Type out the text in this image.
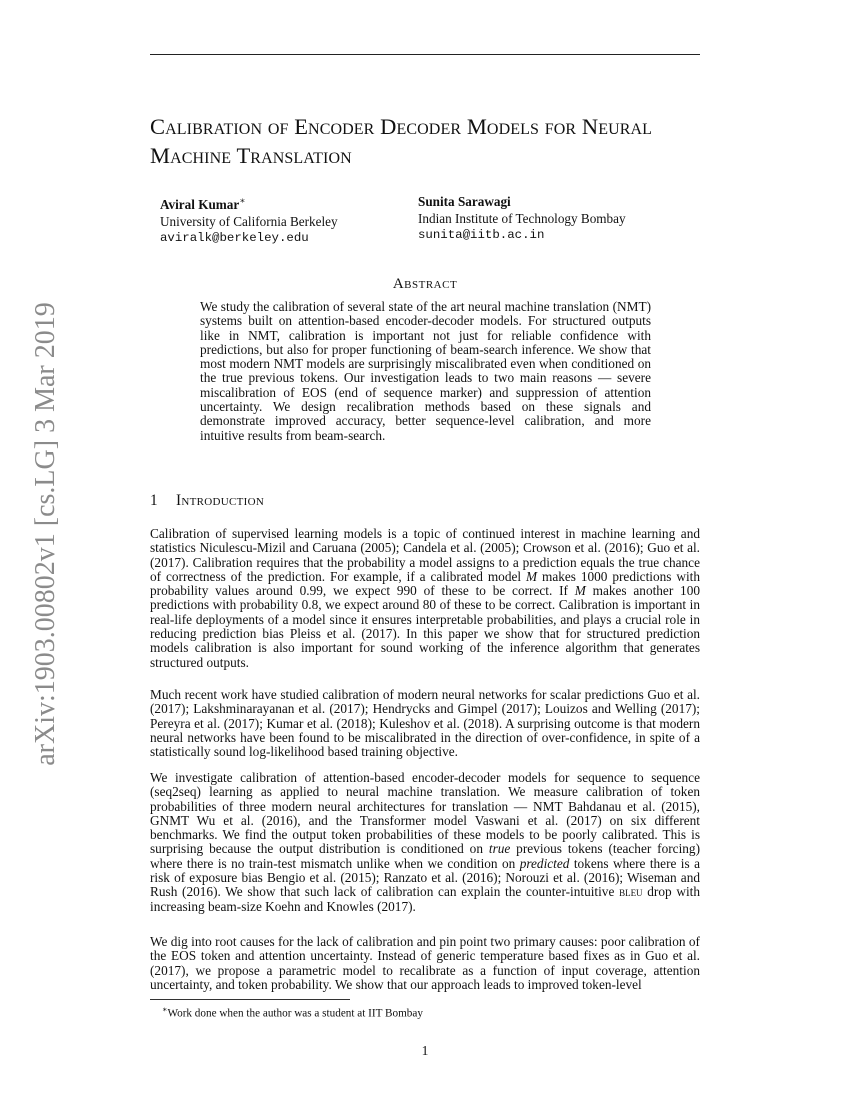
arXiv:1903.00802v1 [cs.LG] 3 Mar 2019
Calibration of Encoder Decoder Models for Neural Machine Translation
Aviral Kumar∗
University of California Berkeley
aviralk@berkeley.edu
Sunita Sarawagi
Indian Institute of Technology Bombay
sunita@iitb.ac.in
Abstract
We study the calibration of several state of the art neural machine translation (NMT) systems built on attention-based encoder-decoder models. For structured outputs like in NMT, calibration is important not just for reliable confidence with predictions, but also for proper functioning of beam-search inference. We show that most modern NMT models are surprisingly miscalibrated even when conditioned on the true previous tokens. Our investigation leads to two main reasons — severe miscalibration of EOS (end of sequence marker) and suppression of attention uncertainty. We design recalibration methods based on these signals and demonstrate improved accuracy, better sequence-level calibration, and more intuitive results from beam-search.
1 Introduction

Calibration of supervised learning models is a topic of continued interest in machine learning and statistics Niculescu-Mizil and Caruana (2005); Candela et al. (2005); Crowson et al. (2016); Guo et al. (2017). Calibration requires that the probability a model assigns to a prediction equals the true chance of correctness of the prediction. For example, if a calibrated model M makes 1000 predictions with probability values around 0.99, we expect 990 of these to be correct. If M makes another 100 predictions with probability 0.8, we expect around 80 of these to be correct. Calibration is important in real-life deployments of a model since it ensures interpretable probabilities, and plays a crucial role in reducing prediction bias Pleiss et al. (2017). In this paper we show that for structured prediction models calibration is also important for sound working of the inference algorithm that generates structured outputs.

Much recent work have studied calibration of modern neural networks for scalar predictions Guo et al. (2017); Lakshminarayanan et al. (2017); Hendrycks and Gimpel (2017); Louizos and Welling (2017); Pereyra et al. (2017); Kumar et al. (2018); Kuleshov et al. (2018). A surprising outcome is that modern neural networks have been found to be miscalibrated in the direction of over-confidence, in spite of a statistically sound log-likelihood based training objective.

We investigate calibration of attention-based encoder-decoder models for sequence to sequence (seq2seq) learning as applied to neural machine translation. We measure calibration of token probabilities of three modern neural architectures for translation — NMT Bahdanau et al. (2015), GNMT Wu et al. (2016), and the Transformer model Vaswani et al. (2017) on six different benchmarks. We find the output token probabilities of these models to be poorly calibrated. This is surprising because the output distribution is conditioned on true previous tokens (teacher forcing) where there is no train-test mismatch unlike when we condition on predicted tokens where there is a risk of exposure bias Bengio et al. (2015); Ranzato et al. (2016); Norouzi et al. (2016); Wiseman and Rush (2016). We show that such lack of calibration can explain the counter-intuitive bleu drop with increasing beam-size Koehn and Knowles (2017).

We dig into root causes for the lack of calibration and pin point two primary causes: poor calibration of the EOS token and attention uncertainty. Instead of generic temperature based fixes as in Guo et al. (2017), we propose a parametric model to recalibrate as a function of input coverage, attention uncertainty, and token probability. We show that our approach leads to improved token-level

∗Work done when the author was a student at IIT Bombay
1
